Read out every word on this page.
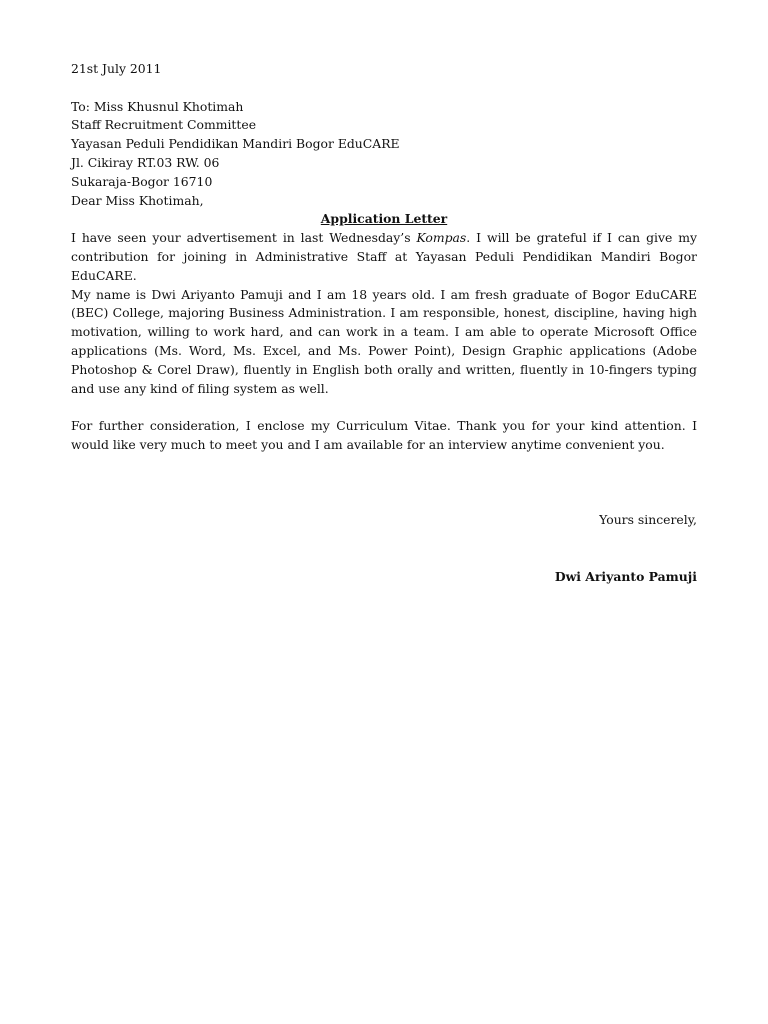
21st July 2011
To: Miss Khusnul Khotimah
Staff Recruitment Committee
Yayasan Peduli Pendidikan Mandiri Bogor EduCARE
Jl. Cikiray RT.03 RW. 06
Sukaraja-Bogor 16710
Dear Miss Khotimah,
Application Letter

I have seen your advertisement in last Wednesday’s Kompas. I will be grateful if I can give my contribution for joining in Administrative Staff at Yayasan Peduli Pendidikan Mandiri Bogor EduCARE.

My name is Dwi Ariyanto Pamuji and I am 18 years old. I am fresh graduate of Bogor EduCARE (BEC) College, majoring Business Administration. I am responsible, honest, discipline, having high motivation, willing to work hard, and can work in a team. I am able to operate Microsoft Office applications (Ms. Word, Ms. Excel, and Ms. Power Point), Design Graphic applications (Adobe Photoshop & Corel Draw), fluently in English both orally and written, fluently in 10-fingers typing and use any kind of filing system as well.

For further consideration, I enclose my Curriculum Vitae. Thank you for your kind attention. I would like very much to meet you and I am available for an interview anytime convenient you.

Yours sincerely,
Dwi Ariyanto Pamuji
